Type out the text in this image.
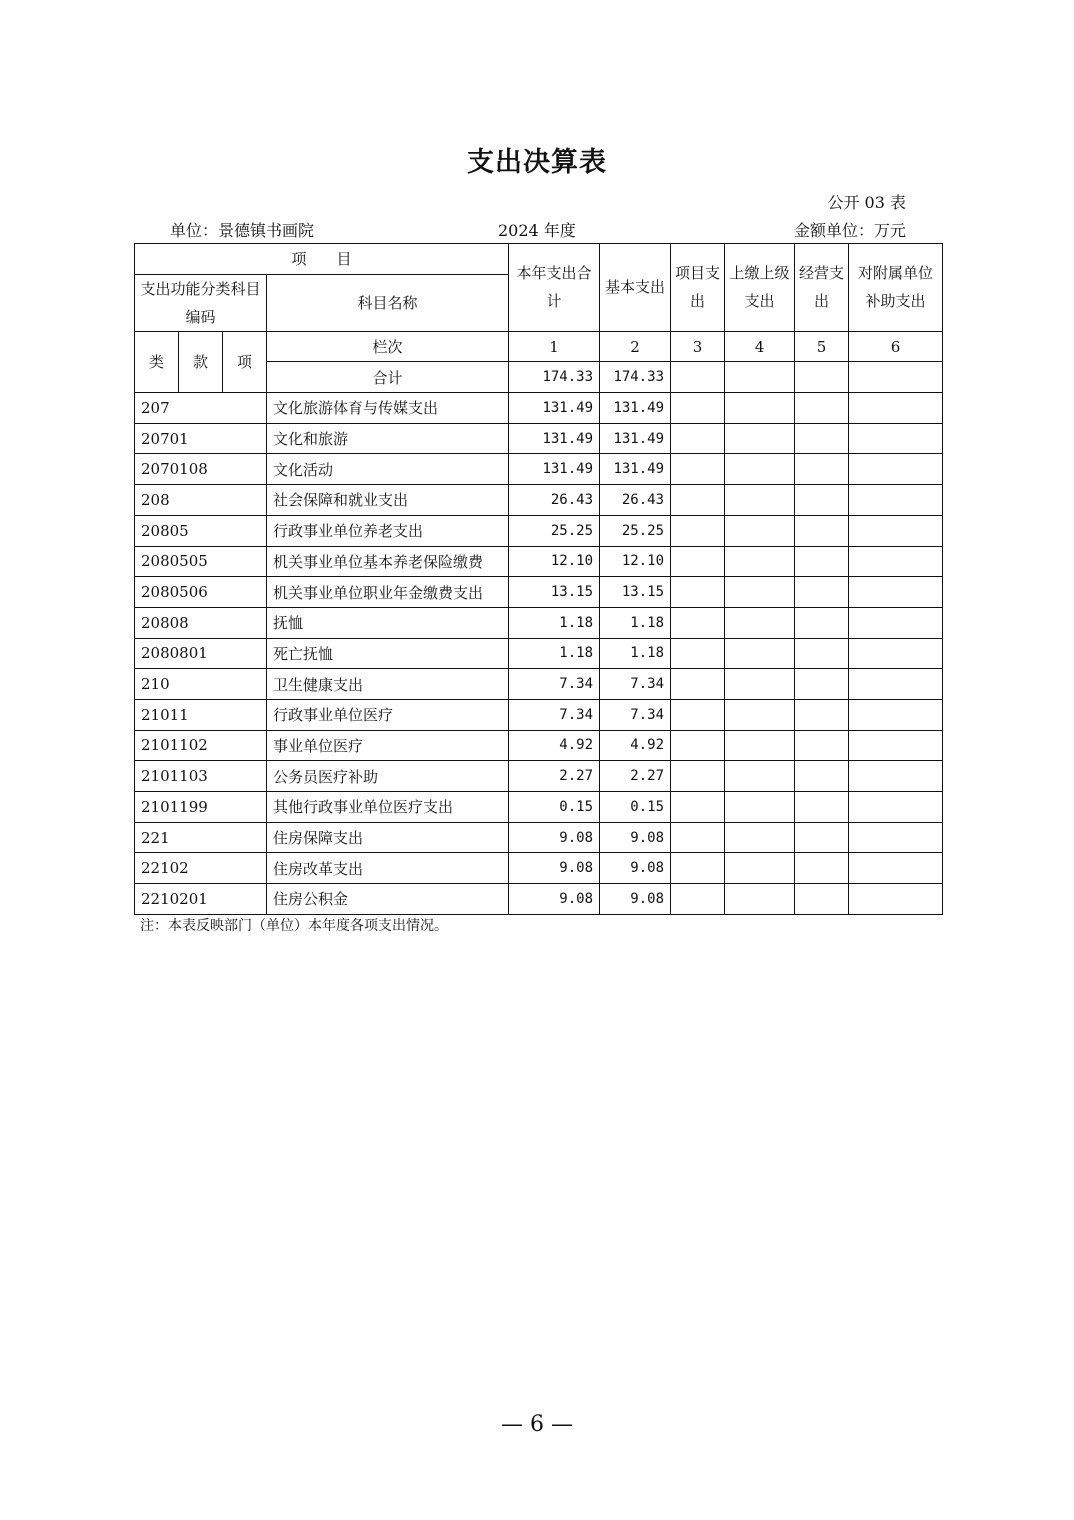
支出决算表
公开 03 表
单位：景德镇书画院	2024 年度	金额单位：万元
项　　目				本年支出合计	基本支出	项目支出	上缴上级支出	经营支出	对附属单位补助支出
支出功能分类科目编码			科目名称						
类	款	项	栏次	1	2	3	4	5	6
			合计	174.33	174.33				
207			文化旅游体育与传媒支出	131.49	131.49				
20701			文化和旅游	131.49	131.49				
2070108			文化活动	131.49	131.49				
208			社会保障和就业支出	26.43	26.43				
20805			行政事业单位养老支出	25.25	25.25				
2080505			机关事业单位基本养老保险缴费	12.10	12.10				
2080506			机关事业单位职业年金缴费支出	13.15	13.15				
20808			抚恤	1.18	1.18				
2080801			死亡抚恤	1.18	1.18				
210			卫生健康支出	7.34	7.34				
21011			行政事业单位医疗	7.34	7.34				
2101102			事业单位医疗	4.92	4.92				
2101103			公务员医疗补助	2.27	2.27				
2101199			其他行政事业单位医疗支出	0.15	0.15				
221			住房保障支出	9.08	9.08				
22102			住房改革支出	9.08	9.08				
2210201			住房公积金	9.08	9.08				
注：本表反映部门（单位）本年度各项支出情况。
— 6 —
